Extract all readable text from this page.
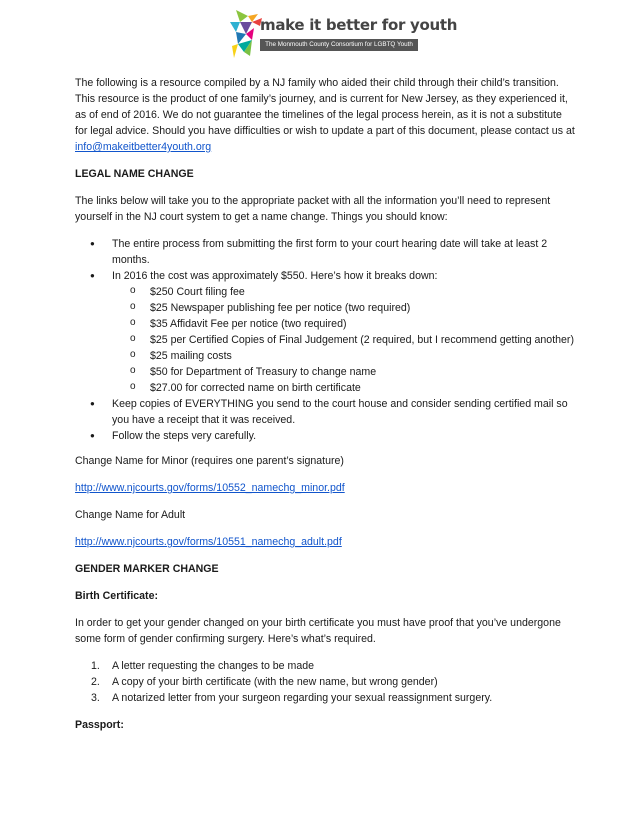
make it better for youth
The Monmouth County Consortium for LGBTQ Youth

The following is a resource compiled by a NJ family who aided their child through their child’s transition. This resource is the product of one family’s journey, and is current for New Jersey, as they experienced it, as of end of 2016. We do not guarantee the timelines of the legal process herein, as it is not a substitute for legal advice. Should you have difficulties or wish to update a part of this document, please contact us at info@makeitbetter4youth.org

LEGAL NAME CHANGE

The links below will take you to the appropriate packet with all the information you’ll need to represent yourself in the NJ court system to get a name change. Things you should know:

● The entire process from submitting the first form to your court hearing date will take at least 2 months.
● In 2016 the cost was approximately $550. Here’s how it breaks down:
o $250 Court filing fee
o $25 Newspaper publishing fee per notice (two required)
o $35 Affidavit Fee per notice (two required)
o $25 per Certified Copies of Final Judgement (2 required, but I recommend getting another)
o $25 mailing costs
o $50 for Department of Treasury to change name
o $27.00 for corrected name on birth certificate
● Keep copies of EVERYTHING you send to the court house and consider sending certified mail so you have a receipt that it was received.
● Follow the steps very carefully.

Change Name for Minor (requires one parent’s signature)

http://www.njcourts.gov/forms/10552_namechg_minor.pdf

Change Name for Adult

http://www.njcourts.gov/forms/10551_namechg_adult.pdf

GENDER MARKER CHANGE
Birth Certificate:

In order to get your gender changed on your birth certificate you must have proof that you’ve undergone some form of gender confirming surgery. Here’s what’s required.

1. A letter requesting the changes to be made
2. A copy of your birth certificate (with the new name, but wrong gender)
3. A notarized letter from your surgeon regarding your sexual reassignment surgery.
Passport:
